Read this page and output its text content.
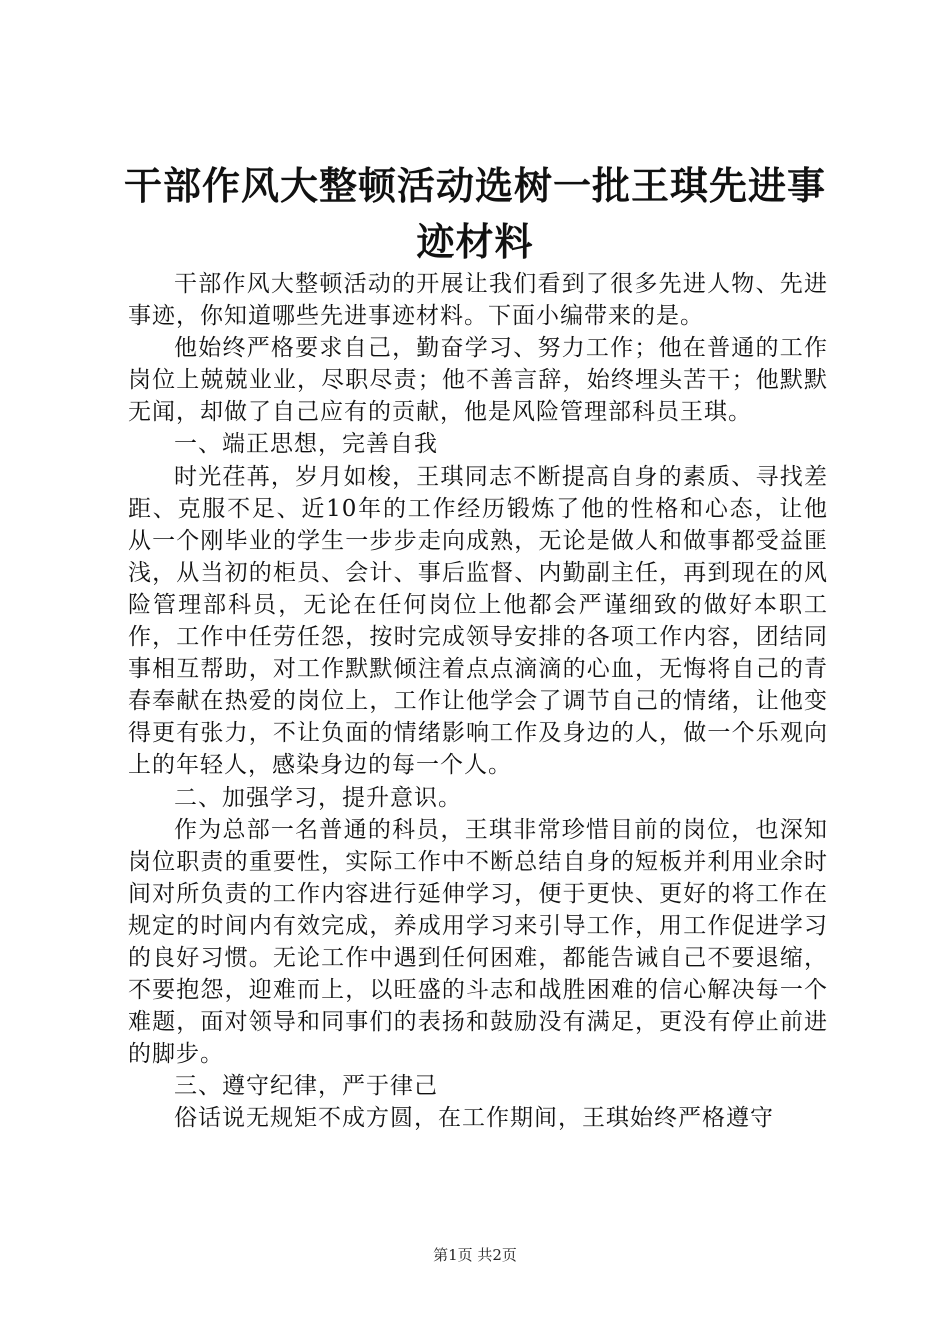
干部作风大整顿活动选树一批王琪先进事迹材料

干部作风大整顿活动的开展让我们看到了很多先进人物、先进事迹，你知道哪些先进事迹材料。下面小编带来的是。

他始终严格要求自己，勤奋学习、努力工作；他在普通的工作岗位上兢兢业业，尽职尽责；他不善言辞，始终埋头苦干；他默默无闻，却做了自己应有的贡献，他是风险管理部科员王琪。

一、端正思想，完善自我

时光荏苒，岁月如梭，王琪同志不断提高自身的素质、寻找差距、克服不足、近10年的工作经历锻炼了他的性格和心态，让他从一个刚毕业的学生一步步走向成熟，无论是做人和做事都受益匪浅，从当初的柜员、会计、事后监督、内勤副主任，再到现在的风险管理部科员，无论在任何岗位上他都会严谨细致的做好本职工作，工作中任劳任怨，按时完成领导安排的各项工作内容，团结同事相互帮助，对工作默默倾注着点点滴滴的心血，无悔将自己的青春奉献在热爱的岗位上，工作让他学会了调节自己的情绪，让他变得更有张力，不让负面的情绪影响工作及身边的人，做一个乐观向上的年轻人，感染身边的每一个人。

二、加强学习，提升意识。

作为总部一名普通的科员，王琪非常珍惜目前的岗位，也深知岗位职责的重要性，实际工作中不断总结自身的短板并利用业余时间对所负责的工作内容进行延伸学习，便于更快、更好的将工作在规定的时间内有效完成，养成用学习来引导工作，用工作促进学习的良好习惯。无论工作中遇到任何困难，都能告诫自己不要退缩，不要抱怨，迎难而上，以旺盛的斗志和战胜困难的信心解决每一个难题，面对领导和同事们的表扬和鼓励没有满足，更没有停止前进的脚步。

三、遵守纪律，严于律己

俗话说无规矩不成方圆，在工作期间，王琪始终严格遵守

第1页 共2页
